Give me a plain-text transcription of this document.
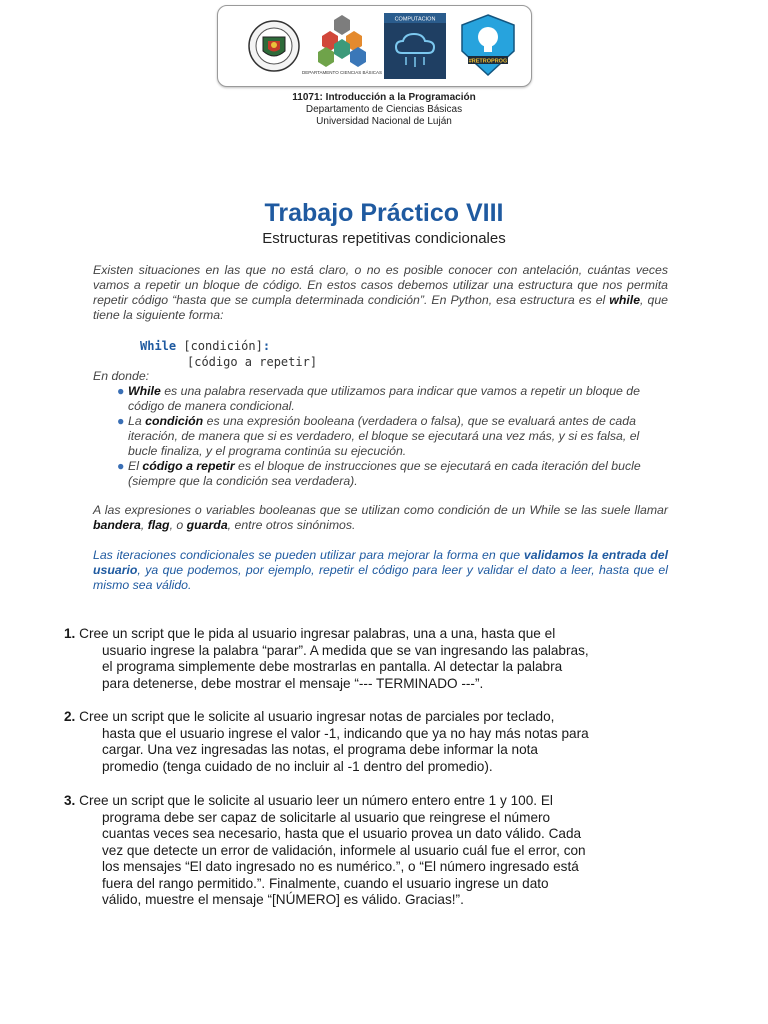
DEPARTAMENTO CIENCIAS BÁSICAS
COMPUTACION
#RETROPROG
11071: Introducción a la Programación
Departamento de Ciencias Básicas
Universidad Nacional de Luján
Trabajo Práctico VIII
Estructuras repetitivas condicionales
Existen situaciones en las que no está claro, o no es posible conocer con antelación, cuántas veces vamos a repetir un bloque de código. En estos casos debemos utilizar una estructura que nos permita repetir código “hasta que se cumpla determinada condición”. En Python, esa estructura es el while, que tiene la siguiente forma:
While [condición]:
[código a repetir]
En donde:
● While es una palabra reservada que utilizamos para indicar que vamos a repetir un bloque de código de manera condicional.
● La condición es una expresión booleana (verdadera o falsa), que se evaluará antes de cada iteración, de manera que si es verdadero, el bloque se ejecutará una vez más, y si es falsa, el bucle finaliza, y el programa continúa su ejecución.
● El código a repetir es el bloque de instrucciones que se ejecutará en cada iteración del bucle (siempre que la condición sea verdadera).
A las expresiones o variables booleanas que se utilizan como condición de un While se las suele llamar bandera, flag, o guarda, entre otros sinónimos.
Las iteraciones condicionales se pueden utilizar para mejorar la forma en que validamos la entrada del usuario, ya que podemos, por ejemplo, repetir el código para leer y validar el dato a leer, hasta que el mismo sea válido.
1. Cree un script que le pida al usuario ingresar palabras, una a una, hasta que el
usuario ingrese la palabra “parar”. A medida que se van ingresando las palabras,
el programa simplemente debe mostrarlas en pantalla. Al detectar la palabra
para detenerse, debe mostrar el mensaje “--- TERMINADO ---”.
2. Cree un script que le solicite al usuario ingresar notas de parciales por teclado,
hasta que el usuario ingrese el valor -1, indicando que ya no hay más notas para
cargar. Una vez ingresadas las notas, el programa debe informar la nota
promedio (tenga cuidado de no incluir al -1 dentro del promedio).
3. Cree un script que le solicite al usuario leer un número entero entre 1 y 100. El
programa debe ser capaz de solicitarle al usuario que reingrese el número
cuantas veces sea necesario, hasta que el usuario provea un dato válido. Cada
vez que detecte un error de validación, informele al usuario cuál fue el error, con
los mensajes “El dato ingresado no es numérico.”, o “El número ingresado está
fuera del rango permitido.”. Finalmente, cuando el usuario ingrese un dato
válido, muestre el mensaje “[NÚMERO] es válido. Gracias!”.
